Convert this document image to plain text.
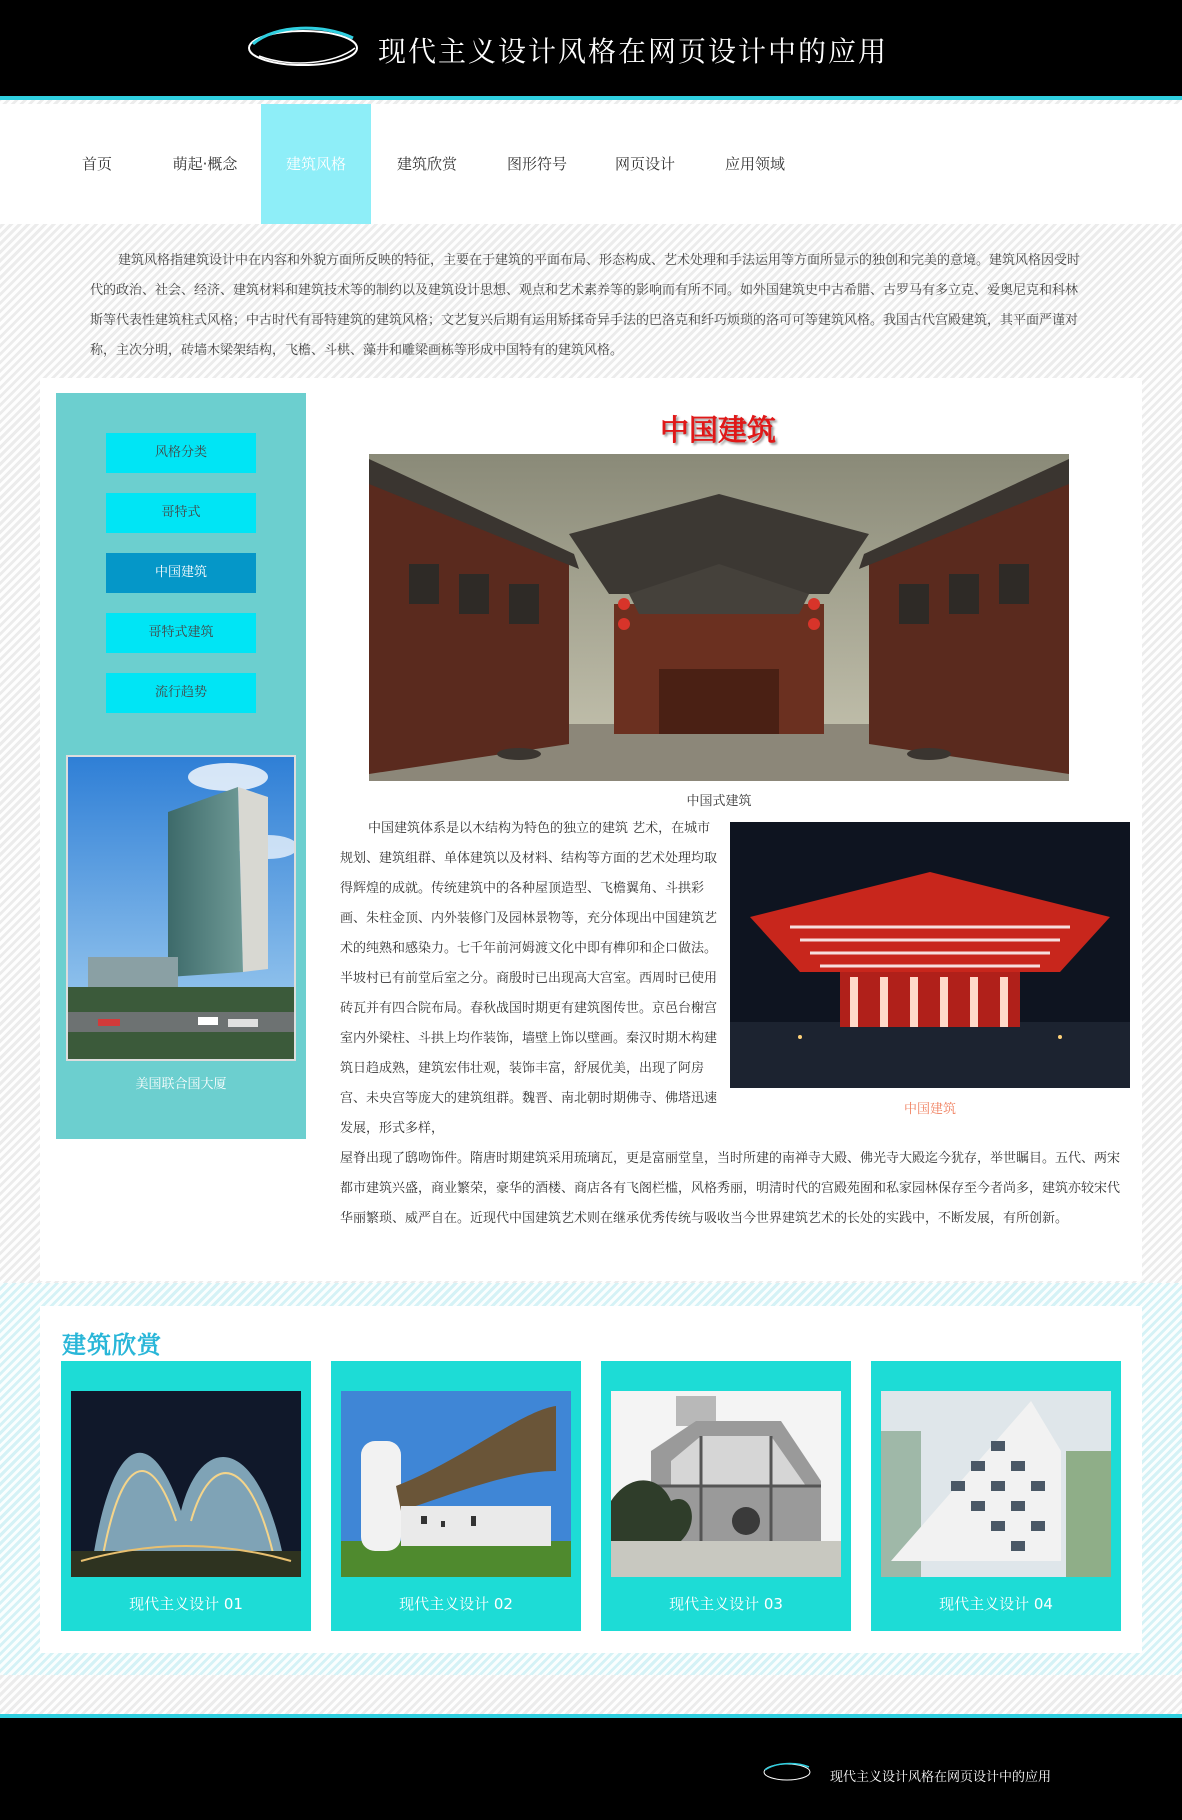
现代主义设计风格在网页设计中的应用
首页	萌起·概念	建筑风格	建筑欣赏	图形符号	网页设计	应用领域

建筑风格指建筑设计中在内容和外貌方面所反映的特征，主要在于建筑的平面布局、形态构成、艺术处理和手法运用等方面所显示的独创和完美的意境。建筑风格因受时代的政治、社会、经济、建筑材料和建筑技术等的制约以及建筑设计思想、观点和艺术素养等的影响而有所不同。如外国建筑史中古希腊、古罗马有多立克、爱奥尼克和科林斯等代表性建筑柱式风格；中古时代有哥特建筑的建筑风格；文艺复兴后期有运用矫揉奇异手法的巴洛克和纤巧烦琐的洛可可等建筑风格。我国古代宫殿建筑，其平面严谨对称，主次分明，砖墙木梁架结构，飞檐、斗栱、藻井和雕梁画栋等形成中国特有的建筑风格。

风格分类
哥特式
中国建筑
哥特式建筑
流行趋势
美国联合国大厦
中国建筑
中国式建筑
中国建筑
中国建筑体系是以木结构为特色的独立的建筑 艺术，在城市规划、建筑组群、单体建筑以及材料、结构等方面的艺术处理均取得辉煌的成就。传统建筑中的各种屋顶造型、飞檐翼角、斗拱彩画、朱柱金顶、内外装修门及园林景物等，充分体现出中国建筑艺术的纯熟和感染力。七千年前河姆渡文化中即有榫卯和企口做法。半坡村已有前堂后室之分。商殷时已出现高大宫室。西周时已使用砖瓦并有四合院布局。春秋战国时期更有建筑图传世。京邑台榭宫室内外梁柱、斗拱上均作装饰，墙壁上饰以壁画。秦汉时期木构建筑日趋成熟，建筑宏伟壮观，装饰丰富，舒展优美，出现了阿房宫、未央宫等庞大的建筑组群。魏晋、南北朝时期佛寺、佛塔迅速发展，形式多样，
屋脊出现了鸱吻饰件。隋唐时期建筑采用琉璃瓦，更是富丽堂皇，当时所建的南禅寺大殿、佛光寺大殿迄今犹存，举世瞩目。五代、两宋都市建筑兴盛，商业繁荣，豪华的酒楼、商店各有飞阁栏槛，风格秀丽，明清时代的宫殿苑囿和私家园林保存至今者尚多，建筑亦较宋代华丽繁琐、威严自在。近现代中国建筑艺术则在继承优秀传统与吸收当今世界建筑艺术的长处的实践中，不断发展，有所创新。
建筑欣赏
现代主义设计 01	现代主义设计 02	现代主义设计 03	现代主义设计 04
现代主义设计风格在网页设计中的应用
